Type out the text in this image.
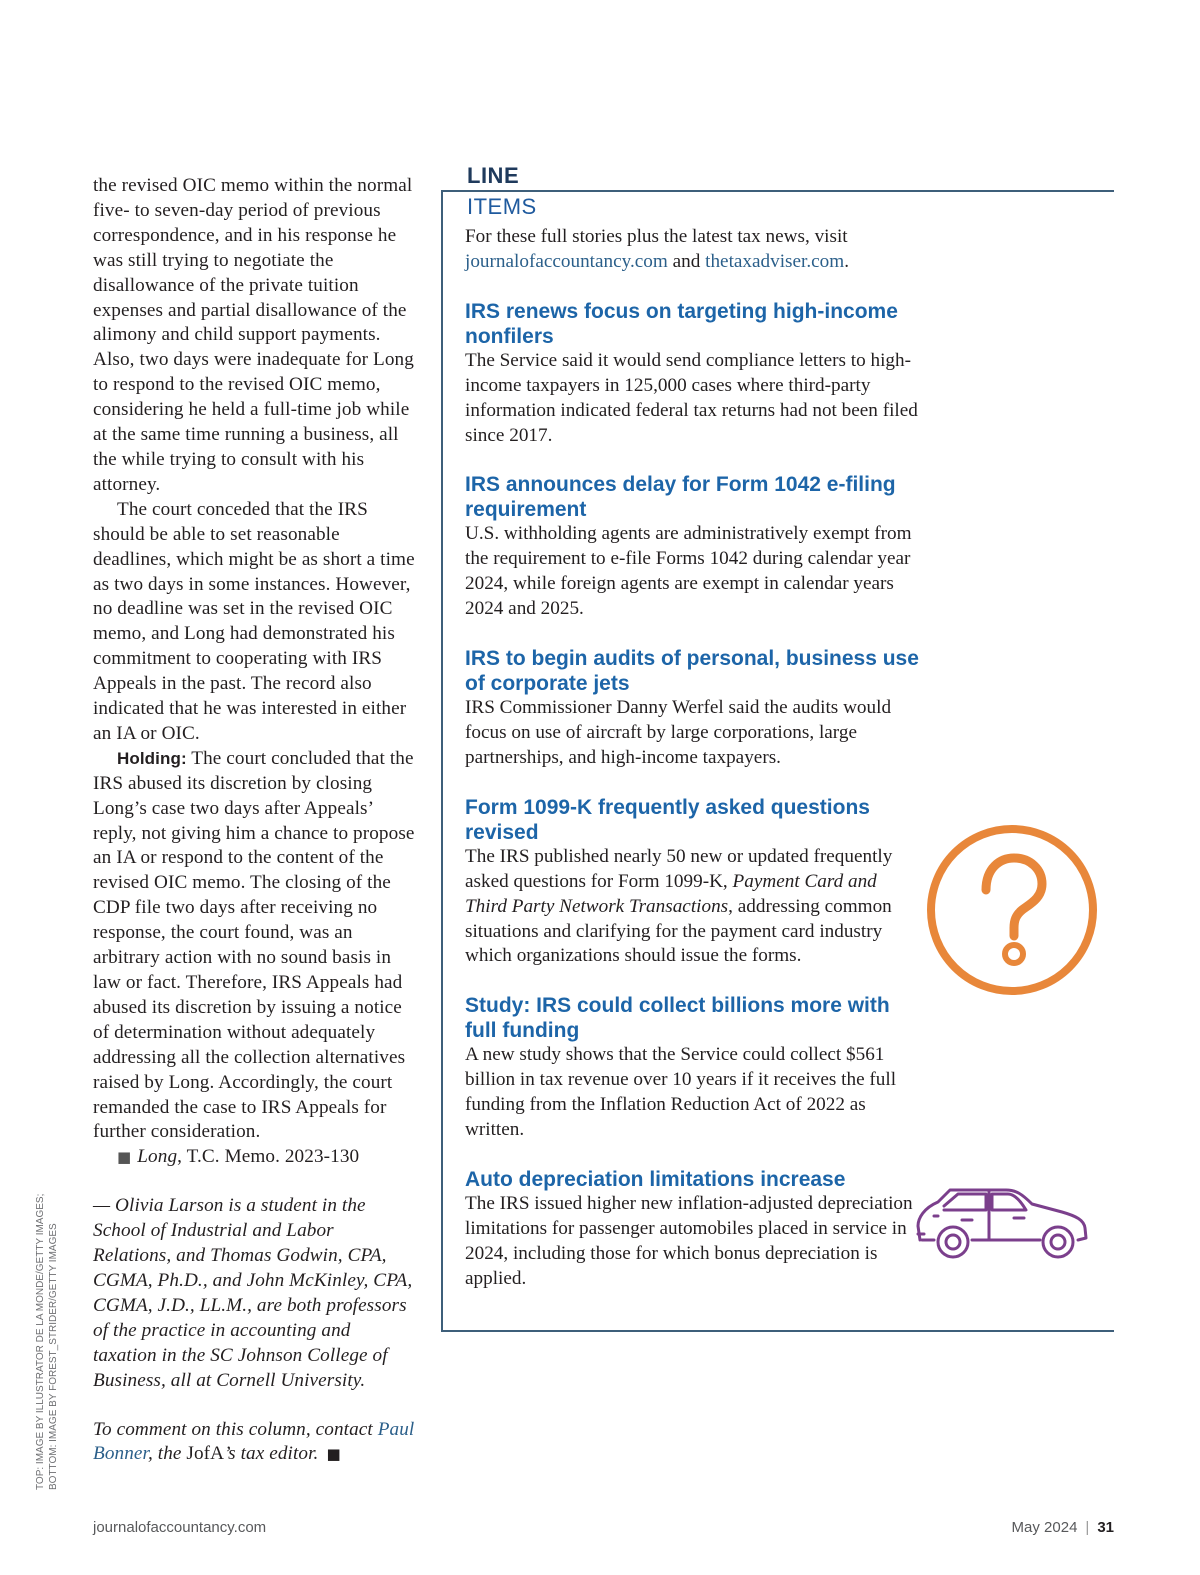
TOP: IMAGE BY ILLUSTRATOR DE LA MONDE/GETTY IMAGES; BOTTOM: IMAGE BY FOREST_STRIDER/GETTY IMAGES

the revised OIC memo within the normal five- to seven-day period of previous correspondence, and in his response he was still trying to negotiate the disallowance of the private tuition expenses and partial disallowance of the alimony and child support payments. Also, two days were inadequate for Long to respond to the revised OIC memo, considering he held a full-time job while at the same time running a business, all the while trying to consult with his attorney.

The court conceded that the IRS should be able to set reasonable deadlines, which might be as short a time as two days in some instances. However, no deadline was set in the revised OIC memo, and Long had demonstrated his commitment to cooperating with IRS Appeals in the past. The record also indicated that he was interested in either an IA or OIC.

Holding: The court concluded that the IRS abused its discretion by closing Long’s case two days after Appeals’ reply, not giving him a chance to propose an IA or respond to the content of the revised OIC memo. The closing of the CDP file two days after receiving no response, the court found, was an arbitrary action with no sound basis in law or fact. Therefore, IRS Appeals had abused its discretion by issuing a notice of determination without adequately addressing all the collection alternatives raised by Long. Accordingly, the court remanded the case to IRS Appeals for further consideration.

■ Long, T.C. Memo. 2023-130

— Olivia Larson is a student in the School of Industrial and Labor Relations, and Thomas Godwin, CPA, CGMA, Ph.D., and John McKinley, CPA, CGMA, J.D., LL.M., are both professors of the practice in accounting and taxation in the SC Johnson College of Business, all at Cornell University.

To comment on this column, contact Paul Bonner, the JofA’s tax editor. ■

LINE
ITEMS

For these full stories plus the latest tax news, visit journalofaccountancy.com and thetaxadviser.com.

IRS renews focus on targeting high-income nonfilers

The Service said it would send compliance letters to high-income taxpayers in 125,000 cases where third-party information indicated federal tax returns had not been filed since 2017.

IRS announces delay for Form 1042 e-filing requirement

U.S. withholding agents are administratively exempt from the requirement to e-file Forms 1042 during calendar year 2024, while foreign agents are exempt in calendar years 2024 and 2025.

IRS to begin audits of personal, business use of corporate jets

IRS Commissioner Danny Werfel said the audits would focus on use of aircraft by large corporations, large partnerships, and high-income taxpayers.

Form 1099-K frequently asked questions revised

The IRS published nearly 50 new or updated frequently asked questions for Form 1099-K, Payment Card and Third Party Network Transactions, addressing common situations and clarifying for the payment card industry which organizations should issue the forms.

Study: IRS could collect billions more with full funding

A new study shows that the Service could collect $561 billion in tax revenue over 10 years if it receives the full funding from the Inflation Reduction Act of 2022 as written.

Auto depreciation limitations increase

The IRS issued higher new inflation-adjusted depreciation limitations for passenger automobiles placed in service in 2024, including those for which bonus depreciation is applied.

journalofaccountancy.com	May 2024 | 31
